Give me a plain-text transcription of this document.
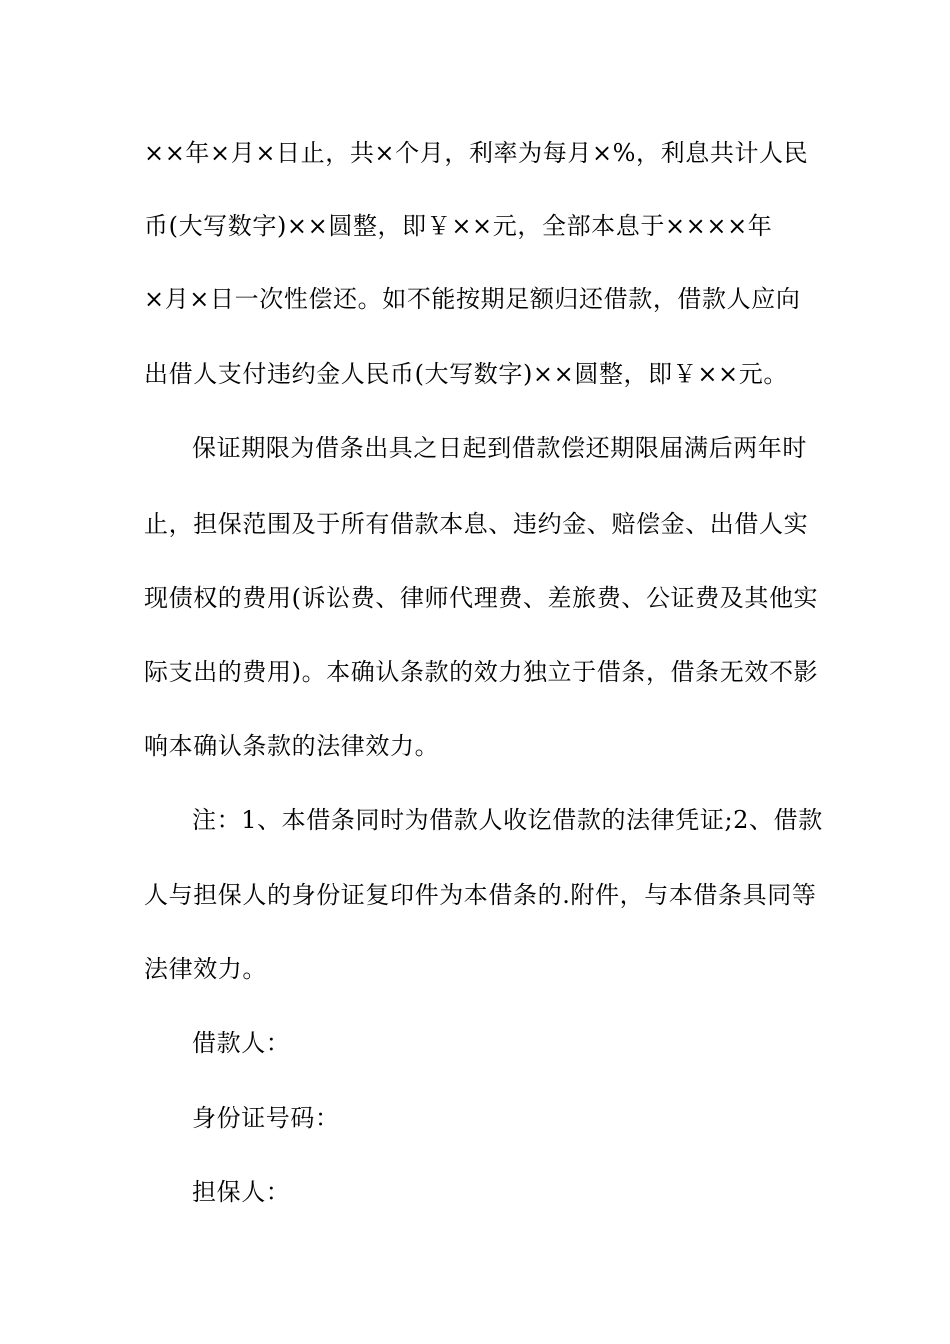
××年×月×日止，共×个月，利率为每月×%，利息共计人民
币(大写数字)××圆整，即￥××元，全部本息于××××年
×月×日一次性偿还。如不能按期足额归还借款，借款人应向
出借人支付违约金人民币(大写数字)××圆整，即￥××元。
保证期限为借条出具之日起到借款偿还期限届满后两年时
止，担保范围及于所有借款本息、违约金、赔偿金、出借人实
现债权的费用(诉讼费、律师代理费、差旅费、公证费及其他实
际支出的费用)。本确认条款的效力独立于借条，借条无效不影
响本确认条款的法律效力。
注：1、本借条同时为借款人收讫借款的法律凭证;2、借款
人与担保人的身份证复印件为本借条的.附件，与本借条具同等
法律效力。
借款人：
身份证号码：
担保人：
